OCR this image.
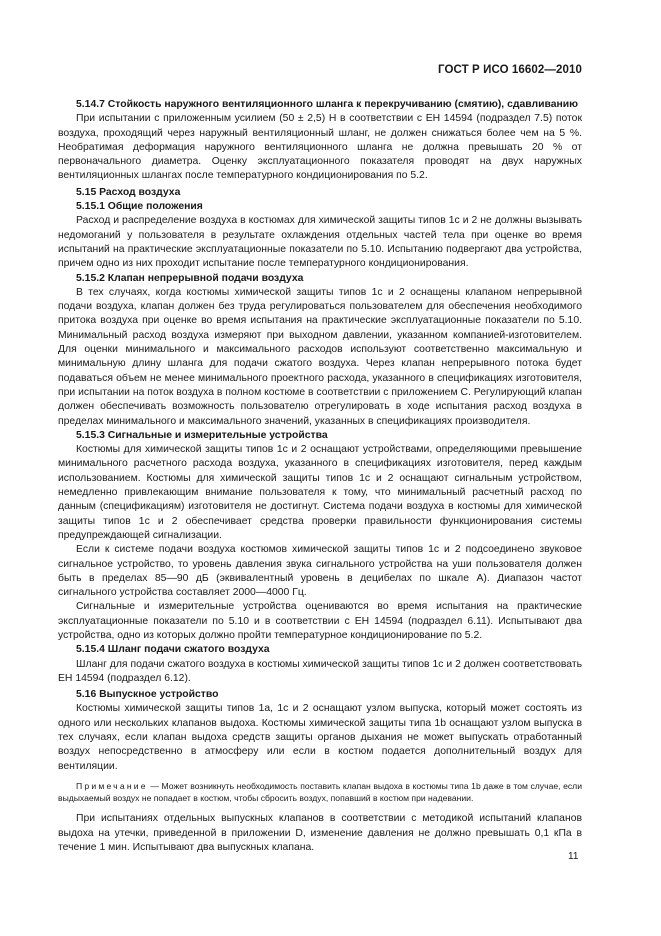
ГОСТ Р ИСО 16602—2010

5.14.7 Стойкость наружного вентиляционного шланга к перекручиванию (смятию), сдавливанию

При испытании с приложенным усилием (50 ± 2,5) Н в соответствии с ЕН 14594 (подраздел 7.5) поток воздуха, проходящий через наружный вентиляционный шланг, не должен снижаться более чем на 5 %. Необратимая деформация наружного вентиляционного шланга не должна превышать 20 % от первоначального диаметра. Оценку эксплуатационного показателя проводят на двух наружных вентиляционных шлангах после температурного кондиционирования по 5.2.

5.15 Расход воздуха

5.15.1 Общие положения

Расход и распределение воздуха в костюмах для химической защиты типов 1с и 2 не должны вызывать недомоганий у пользователя в результате охлаждения отдельных частей тела при оценке во время испытаний на практические эксплуатационные показатели по 5.10. Испытанию подвергают два устройства, причем одно из них проходит испытание после температурного кондиционирования.

5.15.2 Клапан непрерывной подачи воздуха

В тех случаях, когда костюмы химической защиты типов 1с и 2 оснащены клапаном непрерывной подачи воздуха, клапан должен без труда регулироваться пользователем для обеспечения необходимого притока воздуха при оценке во время испытания на практические эксплуатационные показатели по 5.10. Минимальный расход воздуха измеряют при выходном давлении, указанном компанией-изготовителем. Для оценки минимального и максимального расходов используют соответственно максимальную и минимальную длину шланга для подачи сжатого воздуха. Через клапан непрерывного потока будет подаваться объем не менее минимального проектного расхода, указанного в спецификациях изготовителя, при испытании на поток воздуха в полном костюме в соответствии с приложением С. Регулирующий клапан должен обеспечивать возможность пользователю отрегулировать в ходе испытания расход воздуха в пределах минимального и максимального значений, указанных в спецификациях производителя.

5.15.3 Сигнальные и измерительные устройства

Костюмы для химической защиты типов 1с и 2 оснащают устройствами, определяющими превышение минимального расчетного расхода воздуха, указанного в спецификациях изготовителя, перед каждым использованием. Костюмы для химической защиты типов 1с и 2 оснащают сигнальным устройством, немедленно привлекающим внимание пользователя к тому, что минимальный расчетный расход по данным (спецификациям) изготовителя не достигнут. Система подачи воздуха в костюмы для химической защиты типов 1с и 2 обеспечивает средства проверки правильности функционирования системы предупреждающей сигнализации.

Если к системе подачи воздуха костюмов химической защиты типов 1с и 2 подсоединено звуковое сигнальное устройство, то уровень давления звука сигнального устройства на уши пользователя должен быть в пределах 85—90 дБ (эквивалентный уровень в децибелах по шкале А). Диапазон частот сигнального устройства составляет 2000—4000 Гц.

Сигнальные и измерительные устройства оцениваются во время испытания на практические эксплуатационные показатели по 5.10 и в соответствии с ЕН 14594 (подраздел 6.11). Испытывают два устройства, одно из которых должно пройти температурное кондиционирование по 5.2.

5.15.4 Шланг подачи сжатого воздуха

Шланг для подачи сжатого воздуха в костюмы химической защиты типов 1с и 2 должен соответствовать ЕН 14594 (подраздел 6.12).

5.16 Выпускное устройство

Костюмы химической защиты типов 1а, 1с и 2 оснащают узлом выпуска, который может состоять из одного или нескольких клапанов выдоха. Костюмы химической защиты типа 1b оснащают узлом выпуска в тех случаях, если клапан выдоха средств защиты органов дыхания не может выпускать отработанный воздух непосредственно в атмосферу или если в костюм подается дополнительный воздух для вентиляции.

Примечание — Может возникнуть необходимость поставить клапан выдоха в костюмы типа 1b даже в том случае, если выдыхаемый воздух не попадает в костюм, чтобы сбросить воздух, попавший в костюм при надевании.

При испытаниях отдельных выпускных клапанов в соответствии с методикой испытаний клапанов выдоха на утечки, приведенной в приложении D, изменение давления не должно превышать 0,1 кПа в течение 1 мин. Испытывают два выпускных клапана.

11
